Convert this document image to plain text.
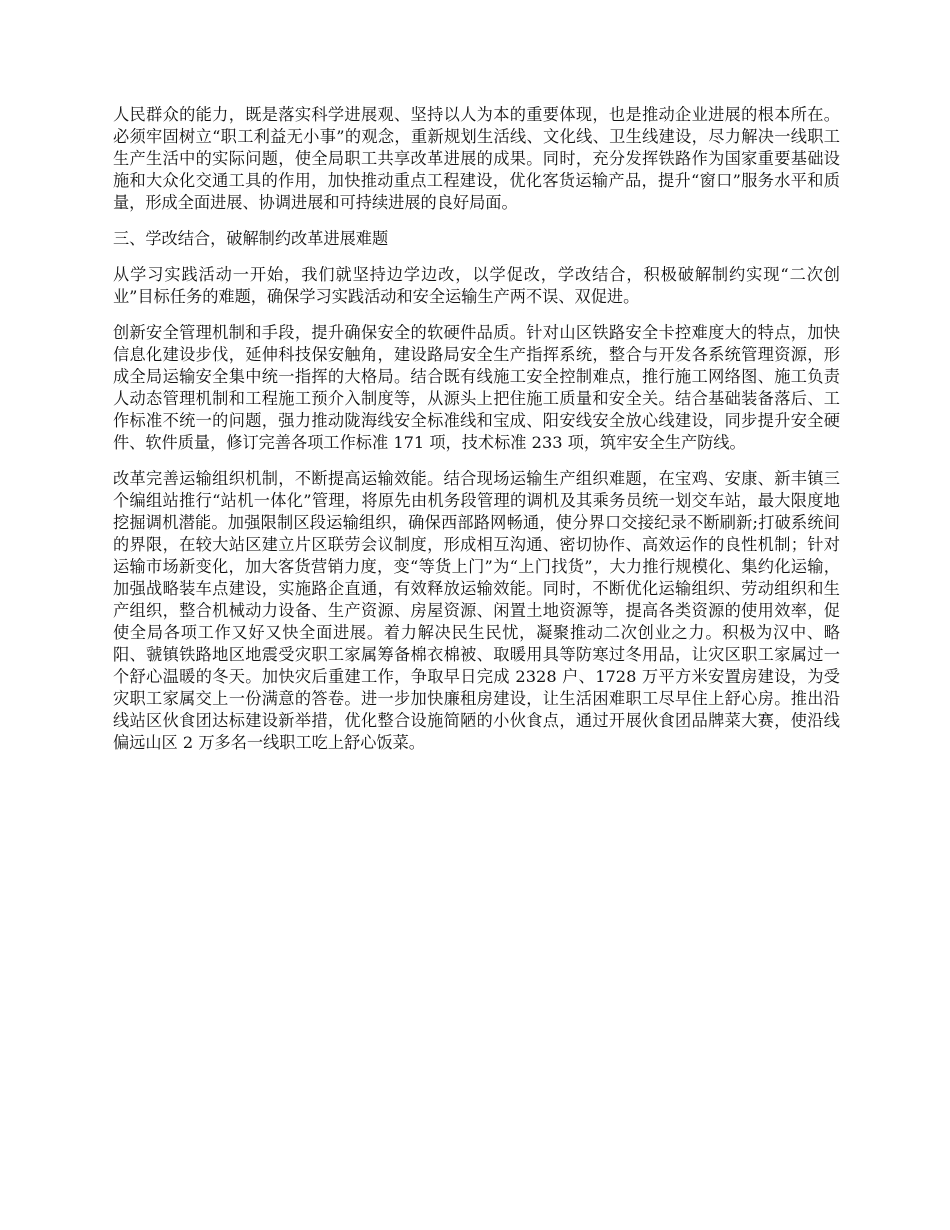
人民群众的能力，既是落实科学进展观、坚持以人为本的重要体现，也是推动企业进展的根本所在。必须牢固树立“职工利益无小事”的观念，重新规划生活线、文化线、卫生线建设，尽力解决一线职工生产生活中的实际问题，使全局职工共享改革进展的成果。同时，充分发挥铁路作为国家重要基础设施和大众化交通工具的作用，加快推动重点工程建设，优化客货运输产品，提升“窗口”服务水平和质量，形成全面进展、协调进展和可持续进展的良好局面。

三、学改结合，破解制约改革进展难题

从学习实践活动一开始，我们就坚持边学边改，以学促改，学改结合，积极破解制约实现“二次创业”目标任务的难题，确保学习实践活动和安全运输生产两不误、双促进。

创新安全管理机制和手段，提升确保安全的软硬件品质。针对山区铁路安全卡控难度大的特点，加快信息化建设步伐，延伸科技保安触角，建设路局安全生产指挥系统，整合与开发各系统管理资源，形成全局运输安全集中统一指挥的大格局。结合既有线施工安全控制难点，推行施工网络图、施工负责人动态管理机制和工程施工预介入制度等，从源头上把住施工质量和安全关。结合基础装备落后、工作标准不统一的问题，强力推动陇海线安全标准线和宝成、阳安线安全放心线建设，同步提升安全硬件、软件质量，修订完善各项工作标准 171 项，技术标准 233 项，筑牢安全生产防线。

改革完善运输组织机制，不断提高运输效能。结合现场运输生产组织难题，在宝鸡、安康、新丰镇三个编组站推行“站机一体化”管理，将原先由机务段管理的调机及其乘务员统一划交车站，最大限度地挖掘调机潜能。加强限制区段运输组织，确保西部路网畅通，使分界口交接纪录不断刷新;打破系统间的界限，在较大站区建立片区联劳会议制度，形成相互沟通、密切协作、高效运作的良性机制；针对运输市场新变化，加大客货营销力度，变“等货上门”为“上门找货”，大力推行规模化、集约化运输，加强战略装车点建设，实施路企直通，有效释放运输效能。同时，不断优化运输组织、劳动组织和生产组织，整合机械动力设备、生产资源、房屋资源、闲置土地资源等，提高各类资源的使用效率，促使全局各项工作又好又快全面进展。着力解决民生民忧，凝聚推动二次创业之力。积极为汉中、略阳、虢镇铁路地区地震受灾职工家属筹备棉衣棉被、取暖用具等防寒过冬用品，让灾区职工家属过一个舒心温暖的冬天。加快灾后重建工作，争取早日完成 2328 户、1728 万平方米安置房建设，为受灾职工家属交上一份满意的答卷。进一步加快廉租房建设，让生活困难职工尽早住上舒心房。推出沿线站区伙食团达标建设新举措，优化整合设施简陋的小伙食点，通过开展伙食团品牌菜大赛，使沿线偏远山区 2 万多名一线职工吃上舒心饭菜。
